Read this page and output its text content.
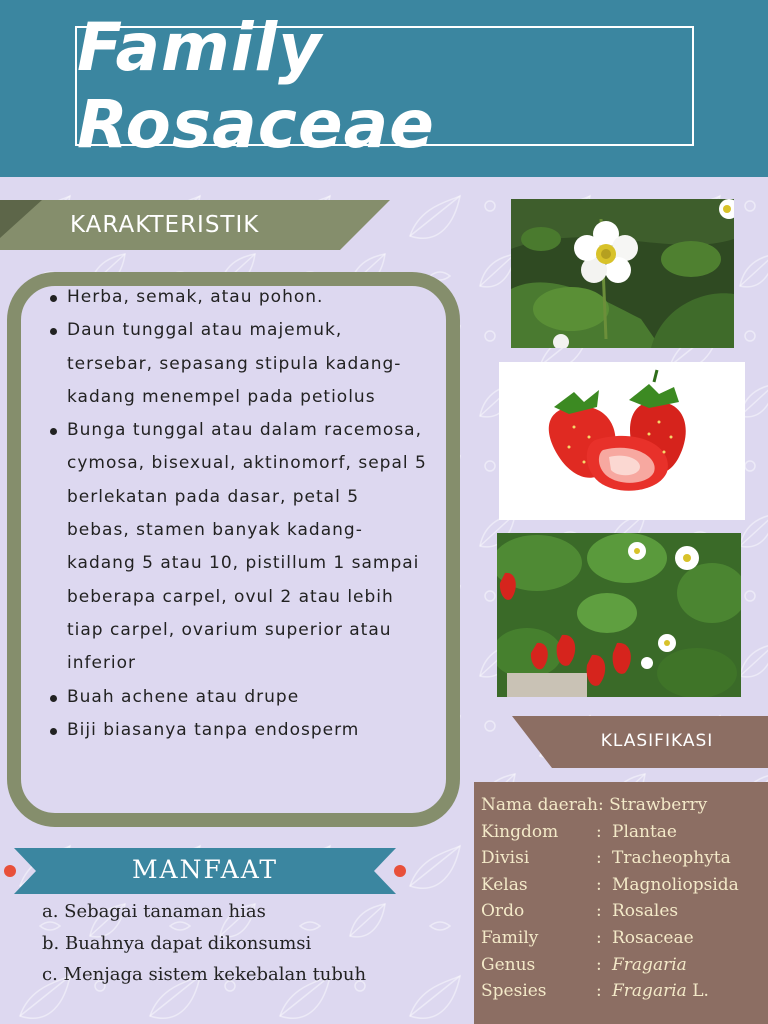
Family Rosaceae
KARAKTERISTIK
Herba, semak, atau pohon.
Daun tunggal atau majemuk, tersebar, sepasang stipula kadang-kadang menempel pada petiolus
Bunga tunggal atau dalam racemosa, cymosa, bisexual, aktinomorf, sepal 5 berlekatan pada dasar, petal 5 bebas, stamen banyak kadang-kadang 5 atau 10, pistillum 1 sampai beberapa carpel, ovul 2 atau lebih tiap carpel, ovarium superior atau inferior
Buah achene atau drupe
Biji biasanya tanpa endosperm
KLASIFIKASI
Nama daerah: Strawberry
Kingdom : Plantae
Divisi	: Tracheophyta
Kelas	: Magnoliopsida
Ordo	: Rosales
Family	: Rosaceae
Genus	: Fragaria
Spesies	: Fragaria L.
MANFAAT
a. Sebagai tanaman hias
b. Buahnya dapat dikonsumsi
c. Menjaga sistem kekebalan tubuh
